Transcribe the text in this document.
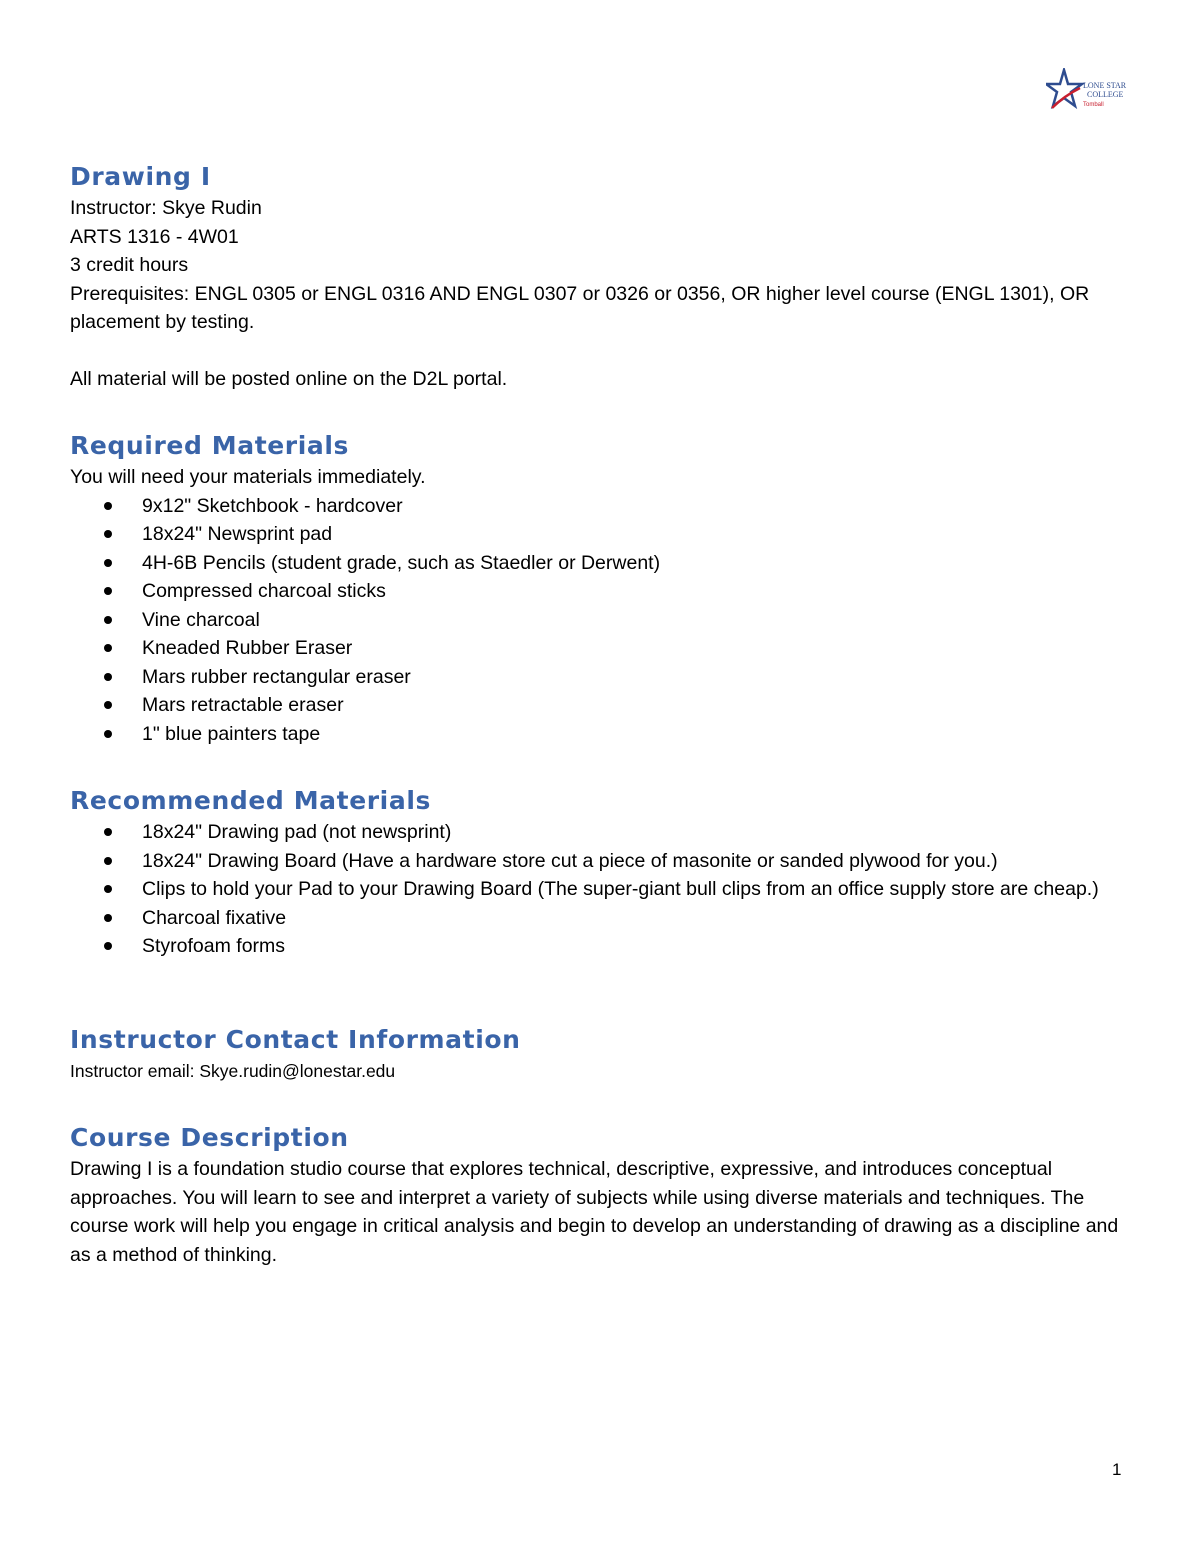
LONE STAR
COLLEGE
Tomball
Drawing I

Instructor: Skye Rudin

ARTS 1316 - 4W01

3 credit hours

Prerequisites: ENGL 0305 or ENGL 0316 AND ENGL 0307 or 0326 or 0356, OR higher level course (ENGL 1301), OR placement by testing.

All material will be posted online on the D2L portal.

Required Materials

You will need your materials immediately.

9x12" Sketchbook - hardcover
18x24" Newsprint pad
4H-6B Pencils (student grade, such as Staedler or Derwent)
Compressed charcoal sticks
Vine charcoal
Kneaded Rubber Eraser
Mars rubber rectangular eraser
Mars retractable eraser
1" blue painters tape
Recommended Materials
18x24" Drawing pad (not newsprint)
18x24" Drawing Board (Have a hardware store cut a piece of masonite or sanded plywood for you.)
Clips to hold your Pad to your Drawing Board (The super-giant bull clips from an office supply store are cheap.)
Charcoal fixative
Styrofoam forms
Instructor Contact Information

Instructor email: Skye.rudin@lonestar.edu

Course Description

Drawing I is a foundation studio course that explores technical, descriptive, expressive, and introduces conceptual approaches. You will learn to see and interpret a variety of subjects while using diverse materials and techniques. The course work will help you engage in critical analysis and begin to develop an understanding of drawing as a discipline and as a method of thinking.

1
